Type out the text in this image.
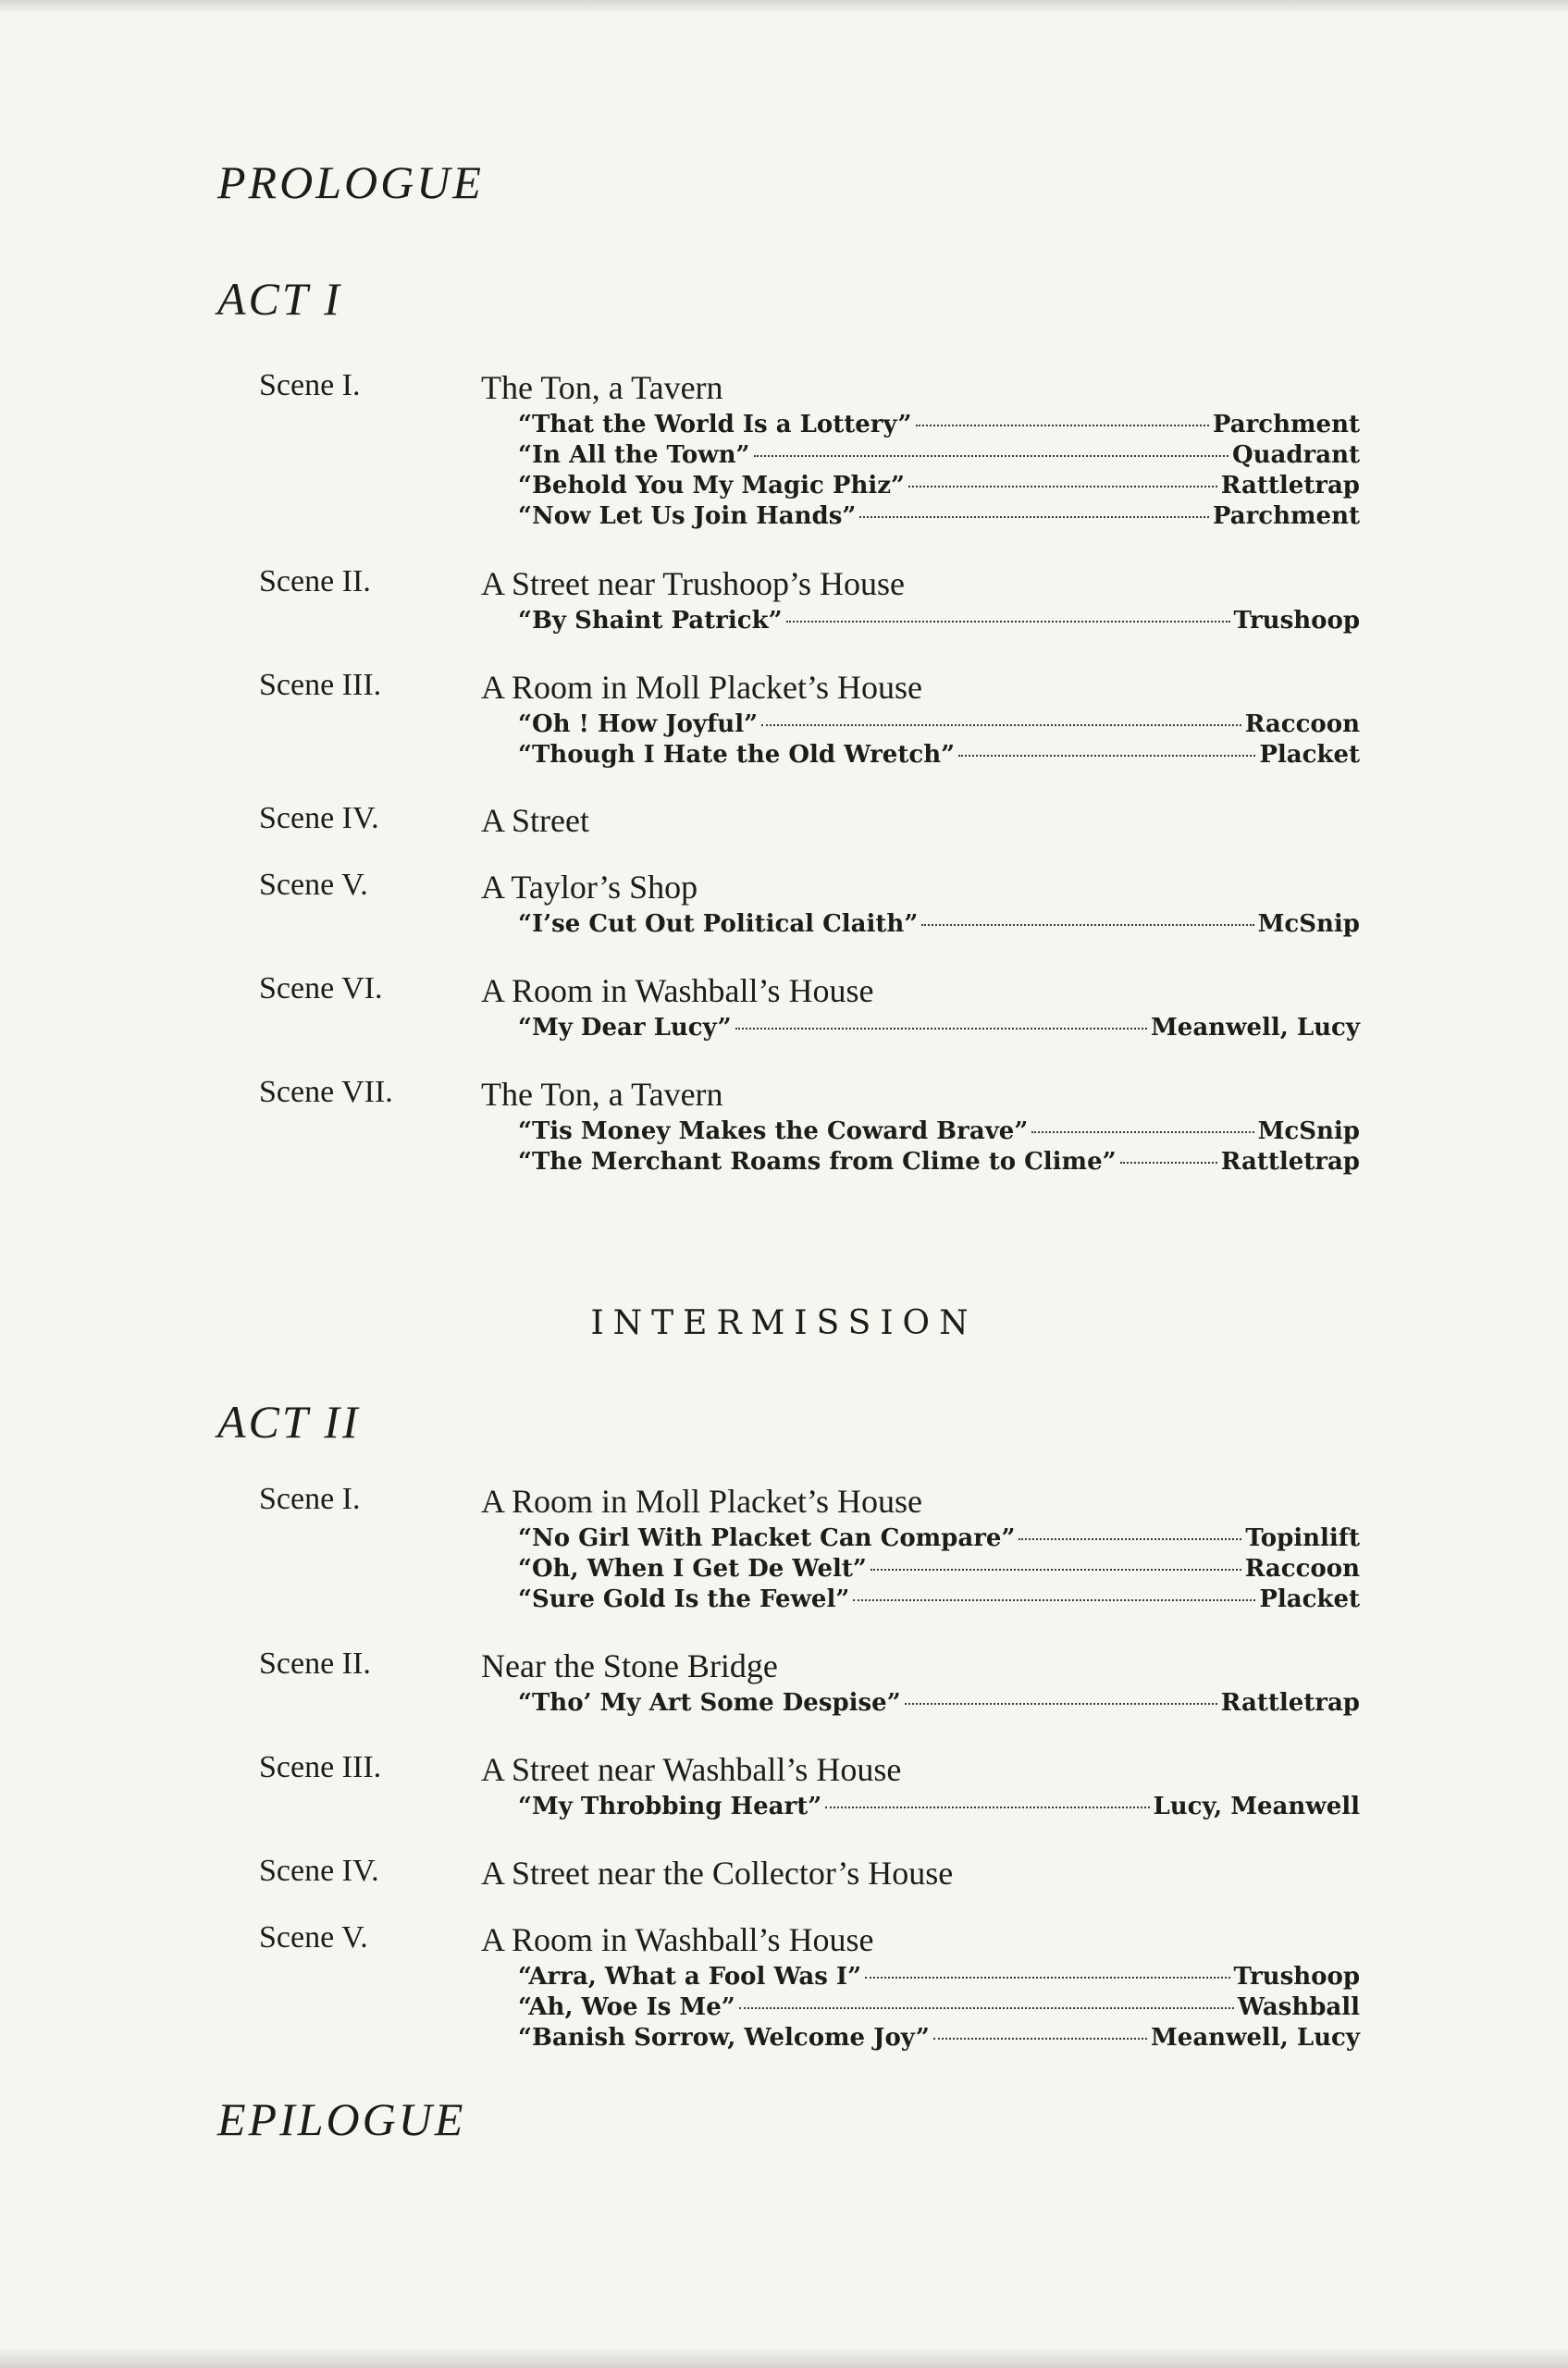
PROLOGUE
ACT I
Scene I.	The Ton, a Tavern
“That the World Is a Lottery”	Parchment
“In All the Town”	Quadrant
“Behold You My Magic Phiz”	Rattletrap
“Now Let Us Join Hands”	Parchment
Scene II.	A Street near Trushoop’s House
“By Shaint Patrick”	Trushoop
Scene III.	A Room in Moll Placket’s House
“Oh ! How Joyful”	Raccoon
“Though I Hate the Old Wretch”	Placket
Scene IV.	A Street
Scene V.	A Taylor’s Shop
“I’se Cut Out Political Claith”	McSnip
Scene VI.	A Room in Washball’s House
“My Dear Lucy”	Meanwell, Lucy
Scene VII.	The Ton, a Tavern
“Tis Money Makes the Coward Brave”	McSnip
“The Merchant Roams from Clime to Clime”	Rattletrap
INTERMISSION
ACT II
Scene I.	A Room in Moll Placket’s House
“No Girl With Placket Can Compare”	Topinlift
“Oh, When I Get De Welt”	Raccoon
“Sure Gold Is the Fewel”	Placket
Scene II.	Near the Stone Bridge
“Tho’ My Art Some Despise”	Rattletrap
Scene III.	A Street near Washball’s House
“My Throbbing Heart”	Lucy, Meanwell
Scene IV.	A Street near the Collector’s House
Scene V.	A Room in Washball’s House
“Arra, What a Fool Was I”	Trushoop
“Ah, Woe Is Me”	Washball
“Banish Sorrow, Welcome Joy”	Meanwell, Lucy
EPILOGUE
